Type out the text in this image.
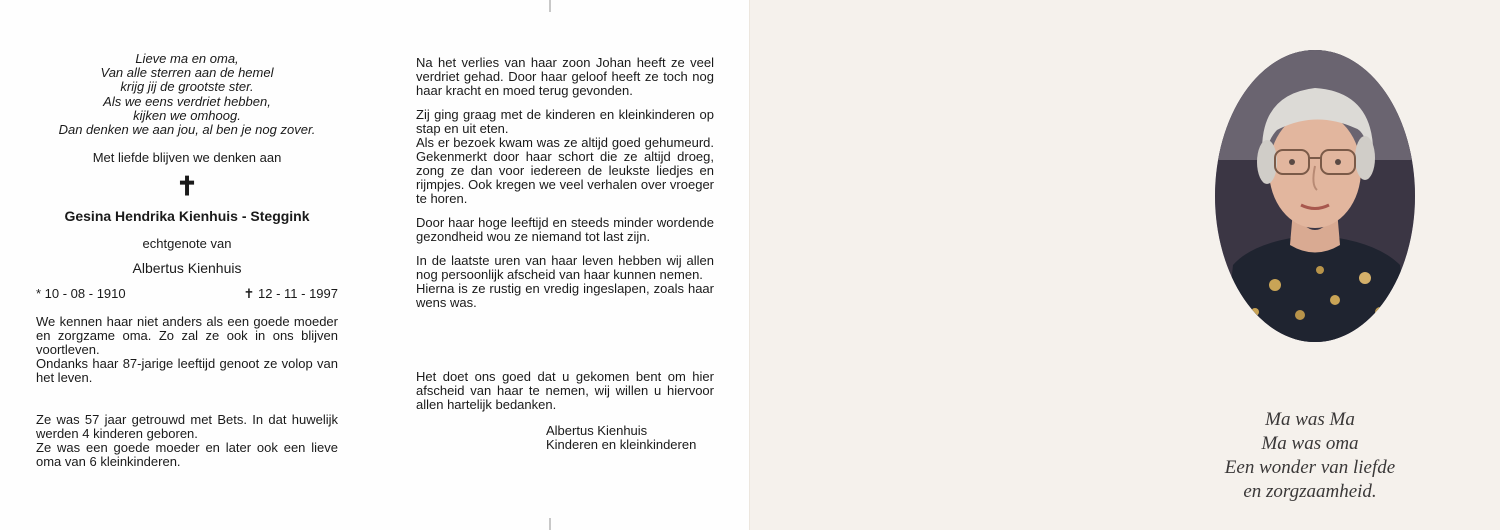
Lieve ma en oma,
Van alle sterren aan de hemel
krijg jij de grootste ster.
Als we eens verdriet hebben,
kijken we omhoog.
Dan denken we aan jou, al ben je nog zover.
Met liefde blijven we denken aan
✝
Gesina Hendrika Kienhuis - Steggink
echtgenote van
Albertus Kienhuis
* 10 - 08 - 1910	✝ 12 - 11 - 1997

We kennen haar niet anders als een goede moeder en zorgzame oma. Zo zal ze ook in ons blijven voortleven.

Ondanks haar 87-jarige leeftijd genoot ze volop van het leven.

Ze was 57 jaar getrouwd met Bets. In dat huwelijk werden 4 kinderen geboren.

Ze was een goede moeder en later ook een lieve oma van 6 kleinkinderen.

Na het verlies van haar zoon Johan heeft ze veel verdriet gehad. Door haar geloof heeft ze toch nog haar kracht en moed terug gevonden.

Zij ging graag met de kinderen en kleinkinderen op stap en uit eten.

Als er bezoek kwam was ze altijd goed gehumeurd. Gekenmerkt door haar schort die ze altijd droeg, zong ze dan voor iedereen de leukste liedjes en rijmpjes. Ook kregen we veel verhalen over vroeger te horen.

Door haar hoge leeftijd en steeds minder wordende gezondheid wou ze niemand tot last zijn.

In de laatste uren van haar leven hebben wij allen nog persoonlijk afscheid van haar kunnen nemen.

Hierna is ze rustig en vredig ingeslapen, zoals haar wens was.

Het doet ons goed dat u gekomen bent om hier afscheid van haar te nemen, wij willen u hiervoor allen hartelijk bedanken.

Albertus Kienhuis
Kinderen en kleinkinderen
Ma was Ma
Ma was oma
Een wonder van liefde
en zorgzaamheid.
